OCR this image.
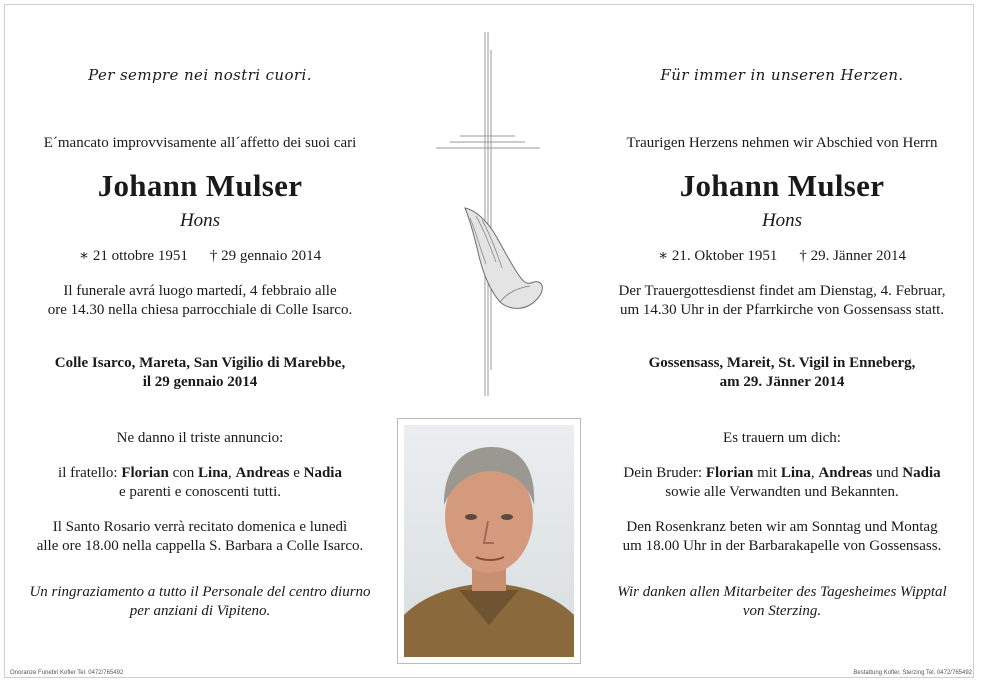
Per sempre nei nostri cuori.
E´mancato improvvisamente all´affetto dei suoi cari
Johann Mulser
Hons
∗ 21 ottobre 1951 † 29 gennaio 2014
Il funerale avrá luogo martedí, 4 febbraio alle
ore 14.30 nella chiesa parrocchiale di Colle Isarco.
Colle Isarco, Mareta, San Vigilio di Marebbe,
il 29 gennaio 2014
Ne danno il triste annuncio:
il fratello: Florian con Lina, Andreas e Nadia
e parenti e conoscenti tutti.
Il Santo Rosario verrà recitato domenica e lunedì
alle ore 18.00 nella cappella S. Barbara a Colle Isarco.
Un ringraziamento a tutto il Personale del centro diurno
per anziani di Vipiteno.
Onoranze Funebri Kofler Tel. 0472/765492
Für immer in unseren Herzen.
Traurigen Herzens nehmen wir Abschied von Herrn
Johann Mulser
Hons
∗ 21. Oktober 1951 † 29. Jänner 2014
Der Trauergottesdienst findet am Dienstag, 4. Februar,
um 14.30 Uhr in der Pfarrkirche von Gossensass statt.
Gossensass, Mareit, St. Vigil in Enneberg,
am 29. Jänner 2014
Es trauern um dich:
Dein Bruder: Florian mit Lina, Andreas und Nadia
sowie alle Verwandten und Bekannten.
Den Rosenkranz beten wir am Sonntag und Montag
um 18.00 Uhr in der Barbarakapelle von Gossensass.
Wir danken allen Mitarbeiter des Tagesheimes Wipptal
von Sterzing.
Bestattung Kofler, Sterzing Tel. 0472/765492
